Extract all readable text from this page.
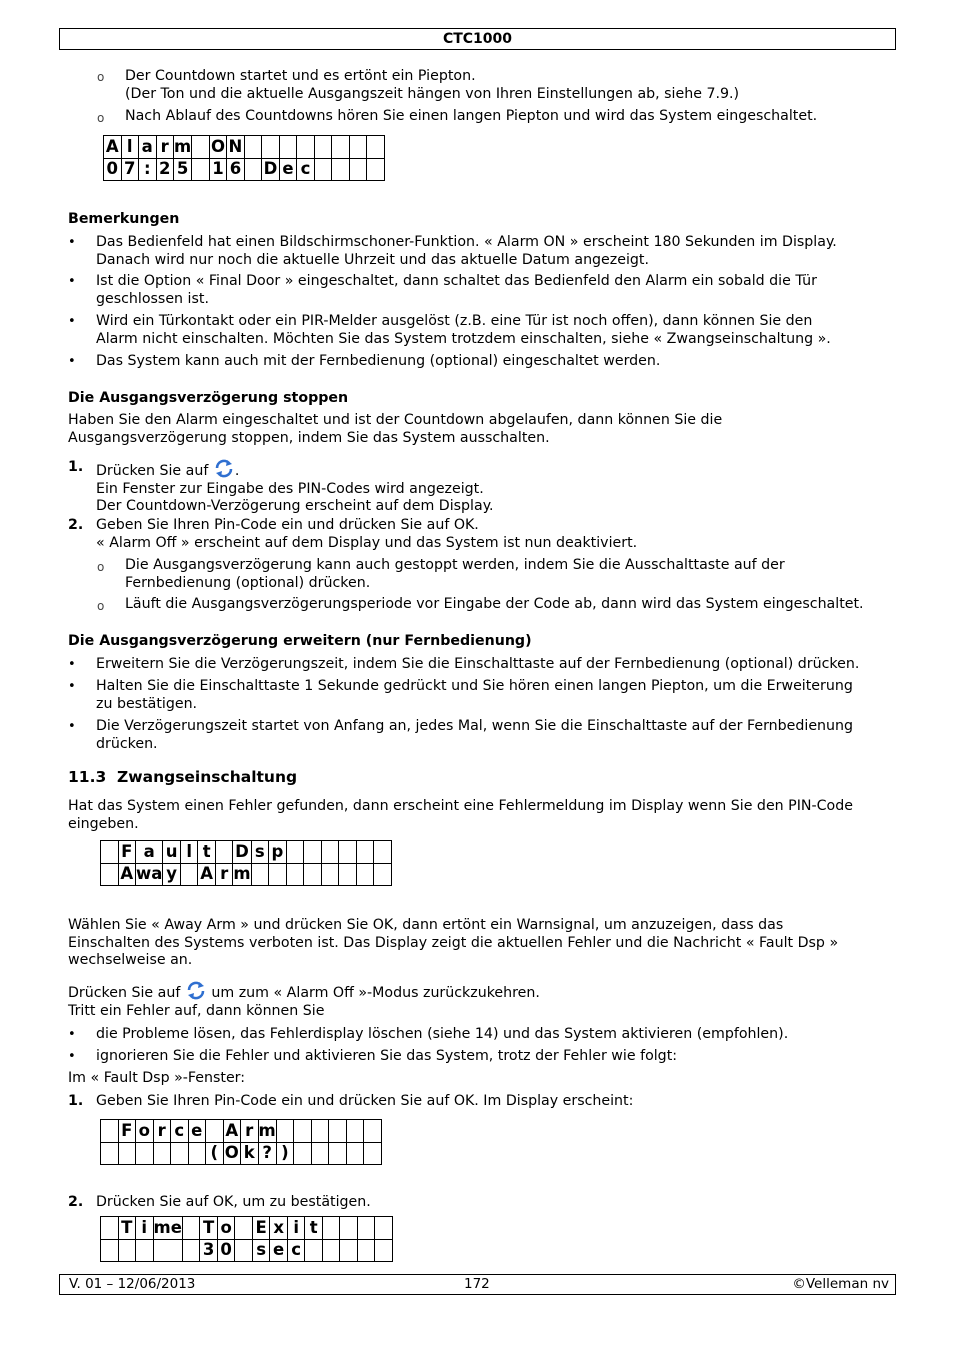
CTC1000
o Der Countdown startet und es ertönt ein Piepton.
(Der Ton und die aktuelle Ausgangszeit hängen von Ihren Einstellungen ab, siehe 7.9.)
o Nach Ablauf des Countdowns hören Sie einen langen Piepton und wird das System eingeschaltet.
A	l	a	r	m		O	N								
0	7	:	2	5		1	6		D	e	c				
Bemerkungen
• Das Bedienfeld hat einen Bildschirmschoner-Funktion. « Alarm ON » erscheint 180 Sekunden im Display.
Danach wird nur noch die aktuelle Uhrzeit und das aktuelle Datum angezeigt.
• Ist die Option « Final Door » eingeschaltet, dann schaltet das Bedienfeld den Alarm ein sobald die Tür
geschlossen ist.
• Wird ein Türkontakt oder ein PIR-Melder ausgelöst (z.B. eine Tür ist noch offen), dann können Sie den
Alarm nicht einschalten. Möchten Sie das System trotzdem einschalten, siehe « Zwangseinschaltung ».
• Das System kann auch mit der Fernbedienung (optional) eingeschaltet werden.
Die Ausgangsverzögerung stoppen
Haben Sie den Alarm eingeschaltet und ist der Countdown abgelaufen, dann können Sie die
Ausgangsverzögerung stoppen, indem Sie das System ausschalten.
1. Drücken Sie auf .
Ein Fenster zur Eingabe des PIN-Codes wird angezeigt.
Der Countdown-Verzögerung erscheint auf dem Display.
2. Geben Sie Ihren Pin-Code ein und drücken Sie auf OK.
« Alarm Off » erscheint auf dem Display und das System ist nun deaktiviert.
o Die Ausgangsverzögerung kann auch gestoppt werden, indem Sie die Ausschalttaste auf der
Fernbedienung (optional) drücken.
o Läuft die Ausgangsverzögerungsperiode vor Eingabe der Code ab, dann wird das System eingeschaltet.
Die Ausgangsverzögerung erweitern (nur Fernbedienung)
• Erweitern Sie die Verzögerungszeit, indem Sie die Einschalttaste auf der Fernbedienung (optional) drücken.
• Halten Sie die Einschalttaste 1 Sekunde gedrückt und Sie hören einen langen Piepton, um die Erweiterung
zu bestätigen.
• Die Verzögerungszeit startet von Anfang an, jedes Mal, wenn Sie die Einschalttaste auf der Fernbedienung
drücken.
11.3 Zwangseinschaltung
Hat das System einen Fehler gefunden, dann erscheint eine Fehlermeldung im Display wenn Sie den PIN-Code
eingeben.
	F	a	u	l	t		D	s	p						
	A	wa	y		A	r	m								
Wählen Sie « Away Arm » und drücken Sie OK, dann ertönt ein Warnsignal, um anzuzeigen, dass das
Einschalten des Systems verboten ist. Das Display zeigt die aktuellen Fehler und die Nachricht « Fault Dsp »
wechselweise an.
Drücken Sie auf um zum « Alarm Off »-Modus zurückzukehren.
Tritt ein Fehler auf, dann können Sie
• die Probleme lösen, das Fehlerdisplay löschen (siehe 14) und das System aktivieren (empfohlen).
• ignorieren Sie die Fehler und aktivieren Sie das System, trotz der Fehler wie folgt:
Im « Fault Dsp »-Fenster:
1. Geben Sie Ihren Pin-Code ein und drücken Sie auf OK. Im Display erscheint:
	F	o	r	c	e		A	r	m						
						(	O	k	?	)					
2. Drücken Sie auf OK, um zu bestätigen.
	T	i	me		T	o		E	x	i	t				
					3	0		s	e	c					
V. 01 – 12/06/2013	172	©Velleman nv
